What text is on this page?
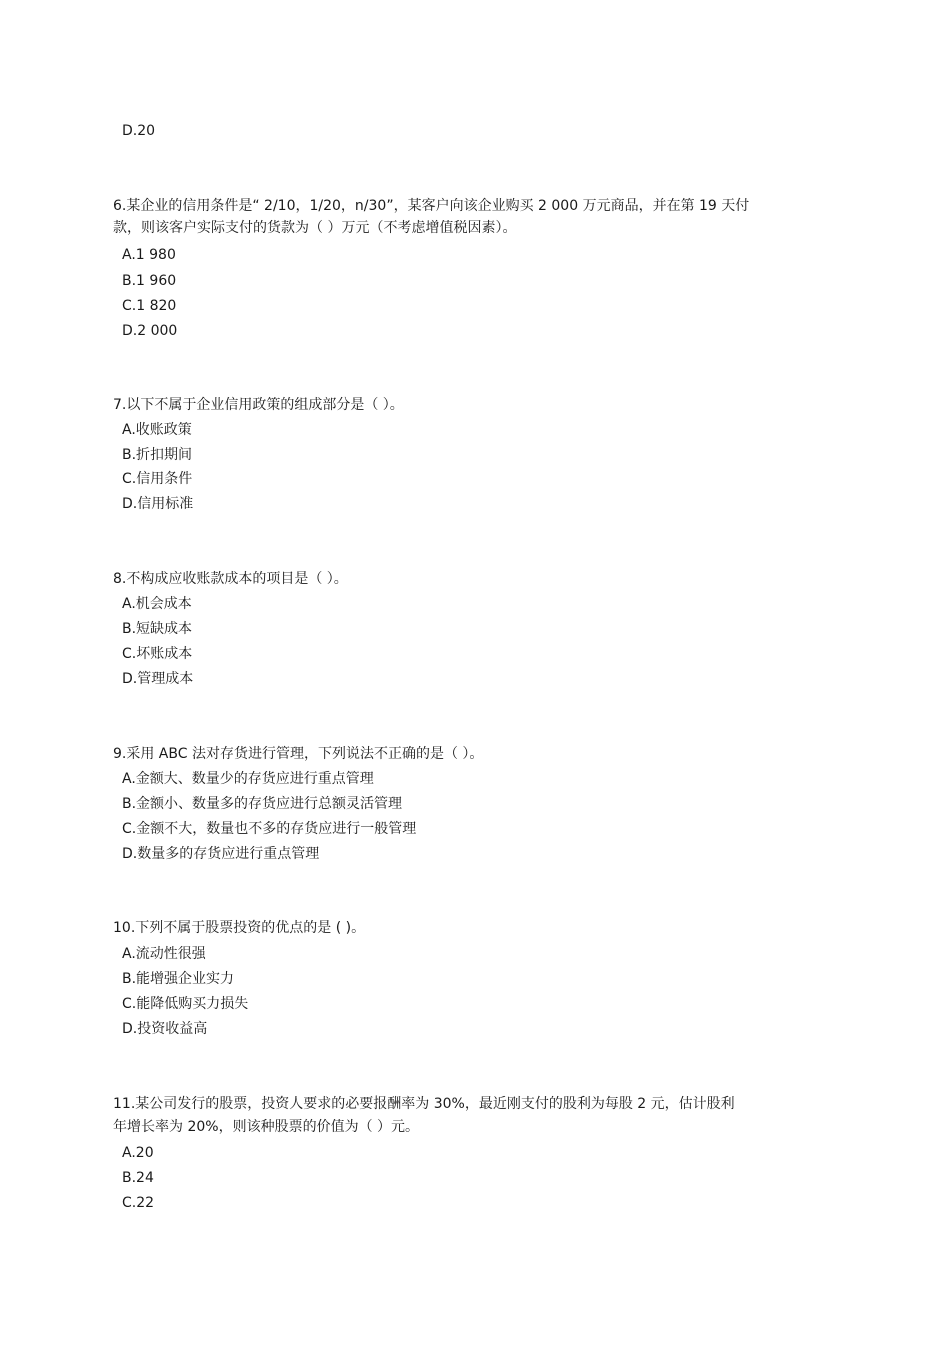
D.20
6.某企业的信用条件是“ 2/10，1/20，n/30”，某客户向该企业购买 2 000 万元商品，并在第 19 天付
款，则该客户实际支付的货款为（ ）万元（不考虑增值税因素）。
A.1 980
B.1 960
C.1 820
D.2 000
7.以下不属于企业信用政策的组成部分是（ ）。
A.收账政策
B.折扣期间
C.信用条件
D.信用标准
8.不构成应收账款成本的项目是（ ）。
A.机会成本
B.短缺成本
C.坏账成本
D.管理成本
9.采用 ABC 法对存货进行管理，下列说法不正确的是（ ）。
A.金额大、数量少的存货应进行重点管理
B.金额小、数量多的存货应进行总额灵活管理
C.金额不大，数量也不多的存货应进行一般管理
D.数量多的存货应进行重点管理
10.下列不属于股票投资的优点的是 ( )。
A.流动性很强
B.能增强企业实力
C.能降低购买力损失
D.投资收益高
11.某公司发行的股票，投资人要求的必要报酬率为 30%，最近刚支付的股利为每股 2 元，估计股利
年增长率为 20%，则该种股票的价值为（ ）元。
A.20
B.24
C.22
